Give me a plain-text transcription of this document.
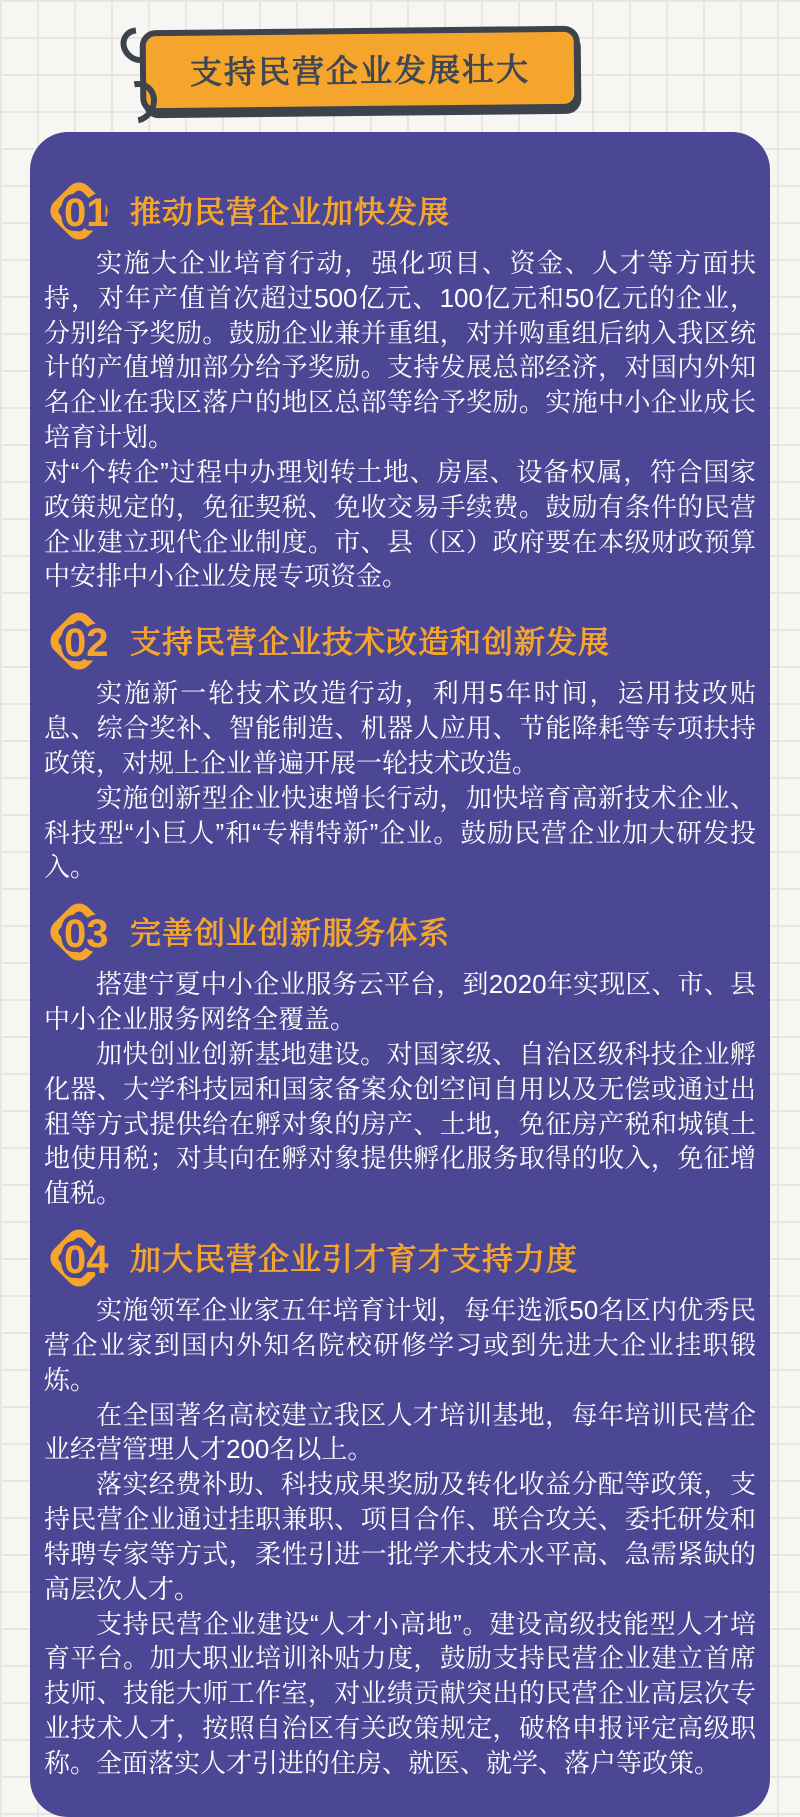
支持民营企业发展壮大
01 推动民营企业加快发展

实施大企业培育行动，强化项目、资金、人才等方面扶持，对年产值首次超过500亿元、100亿元和50亿元的企业，分别给予奖励。鼓励企业兼并重组，对并购重组后纳入我区统计的产值增加部分给予奖励。支持发展总部经济，对国内外知名企业在我区落户的地区总部等给予奖励。实施中小企业成长培育计划。

对“个转企”过程中办理划转土地、房屋、设备权属，符合国家政策规定的，免征契税、免收交易手续费。鼓励有条件的民营企业建立现代企业制度。市、县（区）政府要在本级财政预算中安排中小企业发展专项资金。

02 支持民营企业技术改造和创新发展

实施新一轮技术改造行动，利用5年时间，运用技改贴息、综合奖补、智能制造、机器人应用、节能降耗等专项扶持政策，对规上企业普遍开展一轮技术改造。

实施创新型企业快速增长行动，加快培育高新技术企业、科技型“小巨人”和“专精特新”企业。鼓励民营企业加大研发投入。

03 完善创业创新服务体系

搭建宁夏中小企业服务云平台，到2020年实现区、市、县中小企业服务网络全覆盖。

加快创业创新基地建设。对国家级、自治区级科技企业孵化器、大学科技园和国家备案众创空间自用以及无偿或通过出租等方式提供给在孵对象的房产、土地，免征房产税和城镇土地使用税；对其向在孵对象提供孵化服务取得的收入，免征增值税。

04 加大民营企业引才育才支持力度

实施领军企业家五年培育计划，每年选派50名区内优秀民营企业家到国内外知名院校研修学习或到先进大企业挂职锻炼。

在全国著名高校建立我区人才培训基地，每年培训民营企业经营管理人才200名以上。

落实经费补助、科技成果奖励及转化收益分配等政策，支持民营企业通过挂职兼职、项目合作、联合攻关、委托研发和特聘专家等方式，柔性引进一批学术技术水平高、急需紧缺的高层次人才。

支持民营企业建设“人才小高地”。建设高级技能型人才培育平台。加大职业培训补贴力度，鼓励支持民营企业建立首席技师、技能大师工作室，对业绩贡献突出的民营企业高层次专业技术人才，按照自治区有关政策规定，破格申报评定高级职称。全面落实人才引进的住房、就医、就学、落户等政策。
